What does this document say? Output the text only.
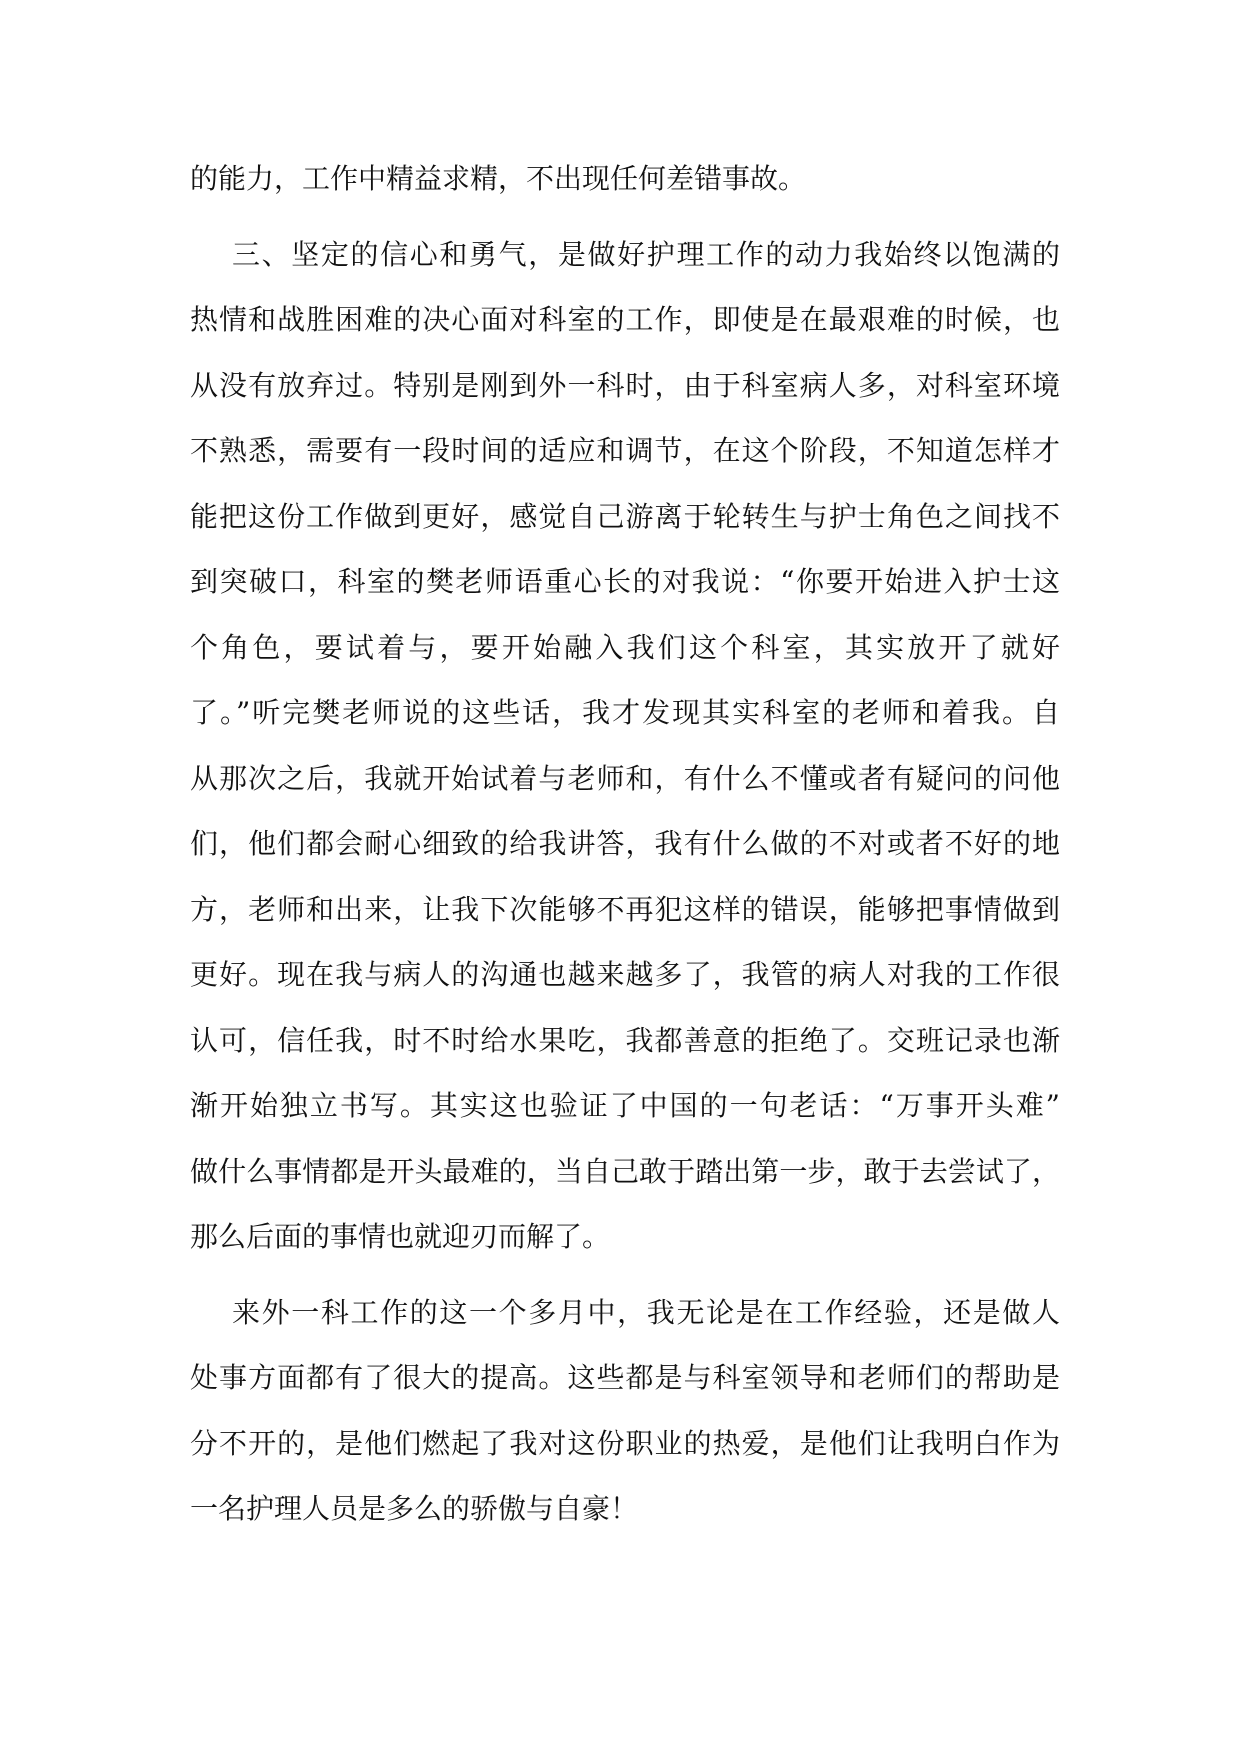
的能力，工作中精益求精，不出现任何差错事故。
三、坚定的信心和勇气，是做好护理工作的动力我始终以饱满的
热情和战胜困难的决心面对科室的工作，即使是在最艰难的时候，也
从没有放弃过。特别是刚到外一科时，由于科室病人多，对科室环境
不熟悉，需要有一段时间的适应和调节，在这个阶段，不知道怎样才
能把这份工作做到更好，感觉自己游离于轮转生与护士角色之间找不
到突破口，科室的樊老师语重心长的对我说：“你要开始进入护士这
个角色，要试着与，要开始融入我们这个科室，其实放开了就好
了。”听完樊老师说的这些话，我才发现其实科室的老师和着我。自
从那次之后，我就开始试着与老师和，有什么不懂或者有疑问的问他
们，他们都会耐心细致的给我讲答，我有什么做的不对或者不好的地
方，老师和出来，让我下次能够不再犯这样的错误，能够把事情做到
更好。现在我与病人的沟通也越来越多了，我管的病人对我的工作很
认可，信任我，时不时给水果吃，我都善意的拒绝了。交班记录也渐
渐开始独立书写。其实这也验证了中国的一句老话：“万事开头难”
做什么事情都是开头最难的，当自己敢于踏出第一步，敢于去尝试了，
那么后面的事情也就迎刃而解了。
来外一科工作的这一个多月中，我无论是在工作经验，还是做人
处事方面都有了很大的提高。这些都是与科室领导和老师们的帮助是
分不开的，是他们燃起了我对这份职业的热爱，是他们让我明白作为
一名护理人员是多么的骄傲与自豪！
